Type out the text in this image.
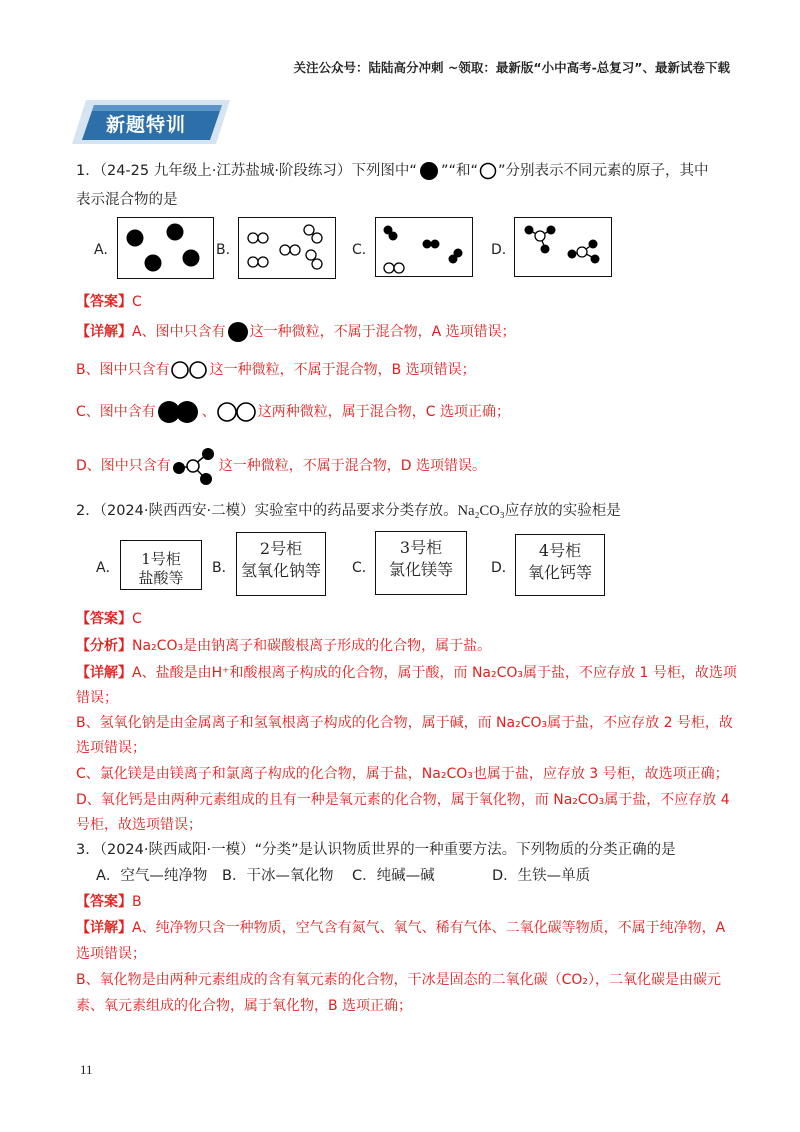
关注公众号：陆陆高分冲刺 ~领取：最新版“小中高考-总复习”、最新试卷下载
新题特训
1．（24-25 九年级上·江苏盐城·阶段练习）下列图中“ ”“和“ ”分别表示不同元素的原子，其中
表示混合物的是
A.	B.	C.	D.
【答案】C
【详解】A、图中只含有 这一种微粒，不属于混合物，A 选项错误；
B、图中只含有	这一种微粒，不属于混合物，B 选项错误；
C、图中含有	、	这两种微粒，属于混合物，C 选项正确；
D、图中只含有	这一种微粒，不属于混合物，D 选项错误。
2．（2024·陕西西安·二模）实验室中的药品要求分类存放。Na₂CO₃应存放的实验柜是
A．	1号柜
盐酸等
B．
2号柜
氢氧化钠等 C．
3号柜
氯化镁等	D．
4号柜
氧化钙等
【答案】C
【分析】Na₂CO₃是由钠离子和碳酸根离子形成的化合物，属于盐。
【详解】A、盐酸是由H⁺和酸根离子构成的化合物，属于酸，而 Na₂CO₃属于盐，不应存放 1 号柜，故选项
错误；
B、氢氧化钠是由金属离子和氢氧根离子构成的化合物，属于碱，而 Na₂CO₃属于盐，不应存放 2 号柜，故
选项错误；
C、氯化镁是由镁离子和氯离子构成的化合物，属于盐，Na₂CO₃也属于盐，应存放 3 号柜，故选项正确；
D、氧化钙是由两种元素组成的且有一种是氧元素的化合物，属于氧化物，而 Na₂CO₃属于盐，不应存放 4
号柜，故选项错误；
3．（2024·陕西咸阳·一模）“分类”是认识物质世界的一种重要方法。下列物质的分类正确的是
A．空气—纯净物 B．干冰—氧化物 C．纯碱—碱	D．生铁—单质
【答案】B
【详解】A、纯净物只含一种物质，空气含有氮气、氧气、稀有气体、二氧化碳等物质，不属于纯净物，A
选项错误；
B、氧化物是由两种元素组成的含有氧元素的化合物，干冰是固态的二氧化碳（CO₂），二氧化碳是由碳元
素、氧元素组成的化合物，属于氧化物，B 选项正确；
11
